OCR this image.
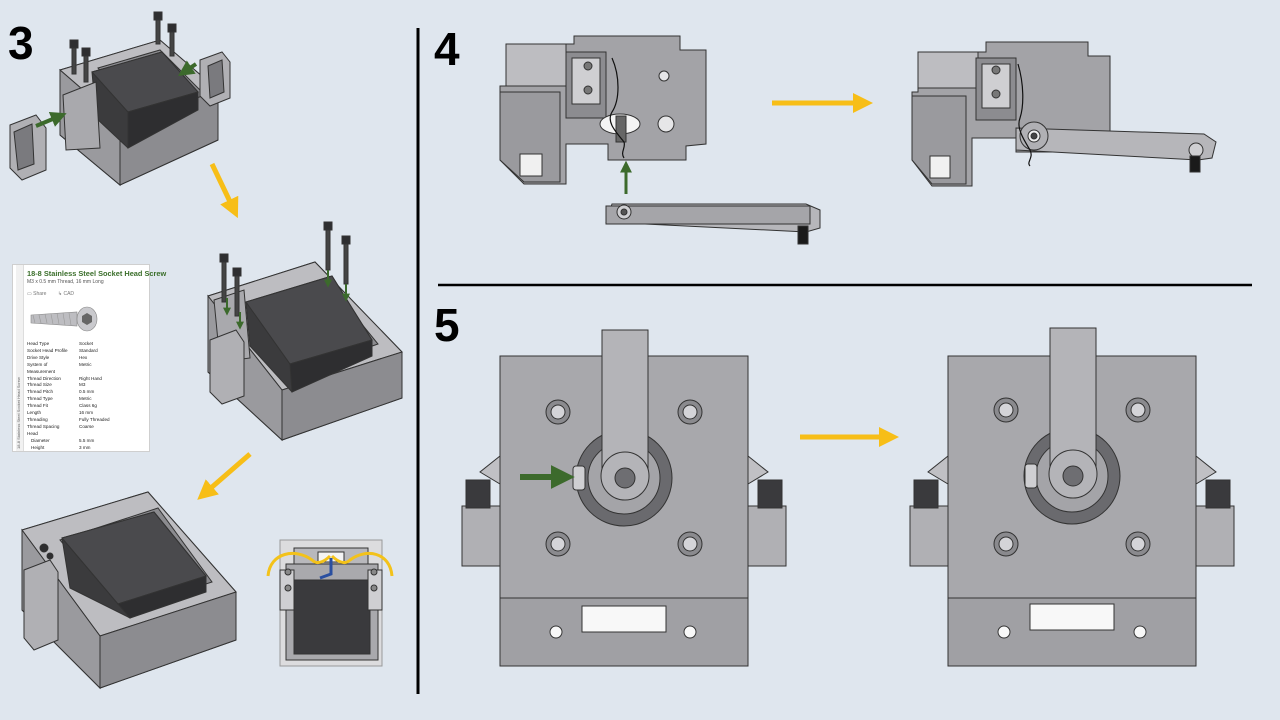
3	4
5
18-8 Stainless Steel Socket Head Screw
18-8 Stainless Steel Socket Head Screw
M3 x 0.5 mm Thread, 16 mm Long
▭ Share ↳ CAD
Head Type	Socket
Socket Head Profile	Standard
Drive Style	Hex
System of	Metric
Measurement	
Thread Direction	Right Hand
Thread Size	M3
Thread Pitch	0.5 mm
Thread Type	Metric
Thread Fit	Class 6g
Length	16 mm
Threading	Fully Threaded
Thread Spacing	Coarse
Head	
Diameter	5.5 mm
Height	3 mm
